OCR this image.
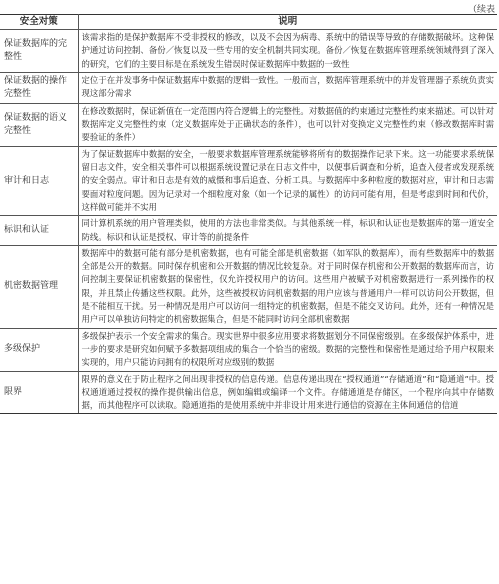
（续表
安全对策	说明
保证数据库的完整性	该需求指的是保护数据库不受非授权的修改，以及不会因为病毒、系统中的错误等导致的存储数据破坏。这种保护通过访问控制、备份／恢复以及一些专用的安全机制共同实现。备份／恢复在数据库管理系统领域得到了深入的研究，它们的主要目标是在系统发生错误时保证数据库中数据的一致性
保证数据的操作完整性	定位于在并发事务中保证数据库中数据的逻辑一致性。一般而言，数据库管理系统中的并发管理器子系统负责实现这部分需求
保证数据的语义完整性	在修改数据时，保证新值在一定范围内符合逻辑上的完整性。对数据值的约束通过完整性约束来描述。可以针对数据库定义完整性约束（定义数据库处于正确状态的条件），也可以针对变换定义完整性约束（修改数据库时需要验证的条件）
审计和日志	为了保证数据库中数据的安全，一般要求数据库管理系统能够将所有的数据操作记录下来。这一功能要求系统保留日志文件，安全相关事件可以根据系统设置记录在日志文件中，以便事后调查和分析，追查入侵者或发现系统的安全弱点。审计和日志是有效的威慑和事后追查、分析工具。与数据库中多种粒度的数据对应，审计和日志需要面对粒度问题。因为记录对一个细粒度对象（如一个记录的属性）的访问可能有用，但是考虑到时间和代价，这样做可能并不实用
标识和认证	同计算机系统的用户管理类似，使用的方法也非常类似。与其他系统一样，标识和认证也是数据库的第一道安全防线。标识和认证是授权、审计等的前提条件
机密数据管理	数据库中的数据可能有部分是机密数据，也有可能全部是机密数据（如军队的数据库），而有些数据库中的数据全部是公开的数据。同时保存机密和公开数据的情况比较复杂。对于同时保存机密和公开数据的数据库而言，访问控制主要保证机密数据的保密性，仅允许授权用户的访问。这些用户被赋予对机密数据进行一系列操作的权限，并且禁止传播这些权限。此外，这些被授权访问机密数据的用户应该与普通用户一样可以访问公开数据，但是不能相互干扰。另一种情况是用户可以访问一组特定的机密数据，但是不能交叉访问。此外，还有一种情况是用户可以单独访问特定的机密数据集合，但是不能同时访问全部机密数据
多级保护	多级保护表示一个安全需求的集合。现实世界中很多应用要求将数据划分不同保密级别。在多级保护体系中，进一步的要求是研究如何赋予多数据项组成的集合一个恰当的密级。数据的完整性和保密性是通过给予用户权限来实现的，用户只能访问拥有的权限所对应级别的数据
限界	限界的意义在于防止程序之间出现非授权的信息传递。信息传递出现在“授权通道”“存储通道”和“隐通道”中。授权通道通过授权的操作提供输出信息，例如编辑或编译一个文件。存储通道是存储区，一个程序向其中存储数据，而其他程序可以读取。隐通道指的是使用系统中并非设计用来进行通信的资源在主体间通信的信道
